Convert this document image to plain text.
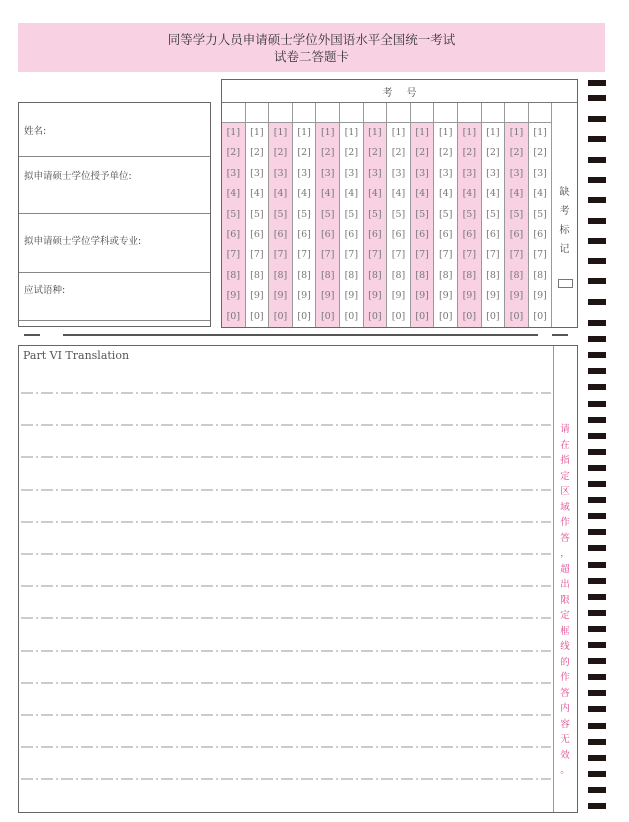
同等学力人员申请硕士学位外国语水平全国统一考试
试卷二答题卡
姓名:
拟申请硕士学位授予单位:
拟申请硕士学位学科或专业:
应试语种:
考号
[1]
[2]
[3]
[4]
[5]
[6]
[7]
[8]
[9]
[0]
[1]
[2]
[3]
[4]
[5]
[6]
[7]
[8]
[9]
[0]
[1]
[2]
[3]
[4]
[5]
[6]
[7]
[8]
[9]
[0]
[1]
[2]
[3]
[4]
[5]
[6]
[7]
[8]
[9]
[0]
[1]
[2]
[3]
[4]
[5]
[6]
[7]
[8]
[9]
[0]
[1]
[2]
[3]
[4]
[5]
[6]
[7]
[8]
[9]
[0]
[1]
[2]
[3]
[4]
[5]
[6]
[7]
[8]
[9]
[0]
[1]
[2]
[3]
[4]
[5]
[6]
[7]
[8]
[9]
[0]
[1]
[2]
[3]
[4]
[5]
[6]
[7]
[8]
[9]
[0]
[1]
[2]
[3]
[4]
[5]
[6]
[7]
[8]
[9]
[0]
[1]
[2]
[3]
[4]
[5]
[6]
[7]
[8]
[9]
[0]
[1]
[2]
[3]
[4]
[5]
[6]
[7]
[8]
[9]
[0]
[1]
[2]
[3]
[4]
[5]
[6]
[7]
[8]
[9]
[0]
[1]
[2]
[3]
[4]
[5]
[6]
[7]
[8]
[9]
[0]
缺
考
标
记
Part VI Translation
请
在
指
定
区
域
作
答
，
超
出
限
定
框
线
的
作
答
内
容
无
效
。
